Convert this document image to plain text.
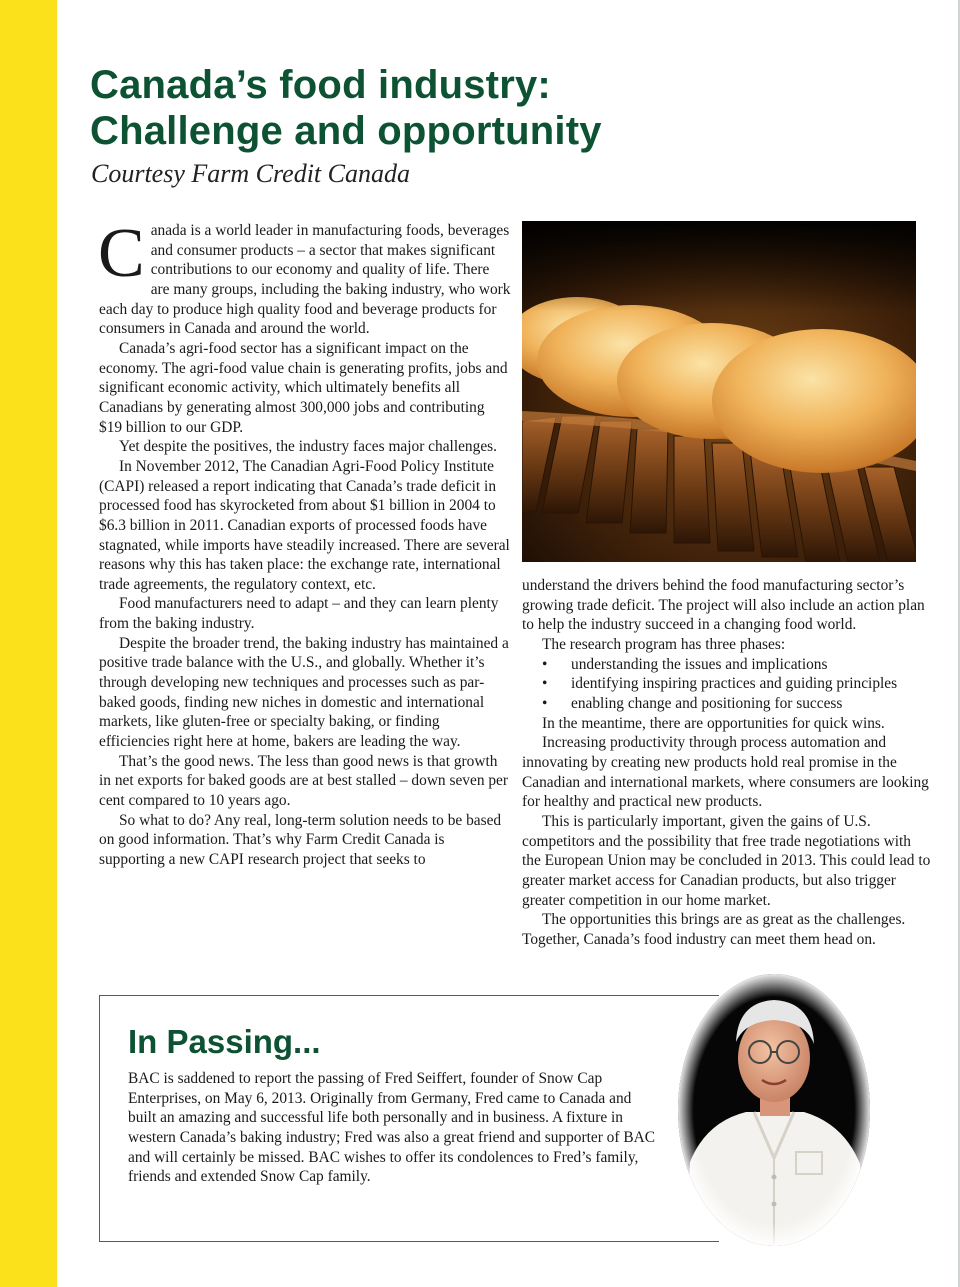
Canada’s food industry:
Challenge and opportunity
Courtesy Farm Credit Canada

Canada is a world leader in manufacturing foods, beverages and consumer products – a sector that makes significant contributions to our economy and quality of life. There are many groups, including the baking industry, who work each day to produce high quality food and beverage products for consumers in Canada and around the world.

Canada’s agri-food sector has a significant impact on the economy. The agri-food value chain is generating profits, jobs and significant economic activity, which ultimately benefits all Canadians by generating almost 300,000 jobs and contributing $19 billion to our GDP.

Yet despite the positives, the industry faces major challenges.

In November 2012, The Canadian Agri-Food Policy Institute (CAPI) released a report indicating that Canada’s trade deficit in processed food has skyrocketed from about $1 billion in 2004 to $6.3 billion in 2011. Canadian exports of processed foods have stagnated, while imports have steadily increased. There are several reasons why this has taken place: the exchange rate, international trade agreements, the regulatory context, etc.

Food manufacturers need to adapt – and they can learn plenty from the baking industry.

Despite the broader trend, the baking industry has maintained a positive trade balance with the U.S., and globally. Whether it’s through developing new techniques and processes such as par-baked goods, finding new niches in domestic and international markets, like gluten-free or specialty baking, or finding efficiencies right here at home, bakers are leading the way.

That’s the good news. The less than good news is that growth in net exports for baked goods are at best stalled – down seven per cent compared to 10 years ago.

So what to do? Any real, long-term solution needs to be based on good information. That’s why Farm Credit Canada is supporting a new CAPI research project that seeks to

understand the drivers behind the food manufacturing sector’s growing trade deficit. The project will also include an action plan to help the industry succeed in a changing food world.

The research program has three phases:

• understanding the issues and implications
• identifying inspiring practices and guiding principles
• enabling change and positioning for success

In the meantime, there are opportunities for quick wins.

Increasing productivity through process automation and innovating by creating new products hold real promise in the Canadian and international markets, where consumers are looking for healthy and practical new products.

This is particularly important, given the gains of U.S. competitors and the possibility that free trade negotiations with the European Union may be concluded in 2013. This could lead to greater market access for Canadian products, but also trigger greater competition in our home market.

The opportunities this brings are as great as the challenges. Together, Canada’s food industry can meet them head on.

In Passing...

BAC is saddened to report the passing of Fred Seiffert, founder of Snow Cap Enterprises, on May 6, 2013. Originally from Germany, Fred came to Canada and built an amazing and successful life both personally and in business. A fixture in western Canada’s baking industry; Fred was also a great friend and supporter of BAC and will certainly be missed. BAC wishes to offer its condolences to Fred’s family, friends and extended Snow Cap family.
